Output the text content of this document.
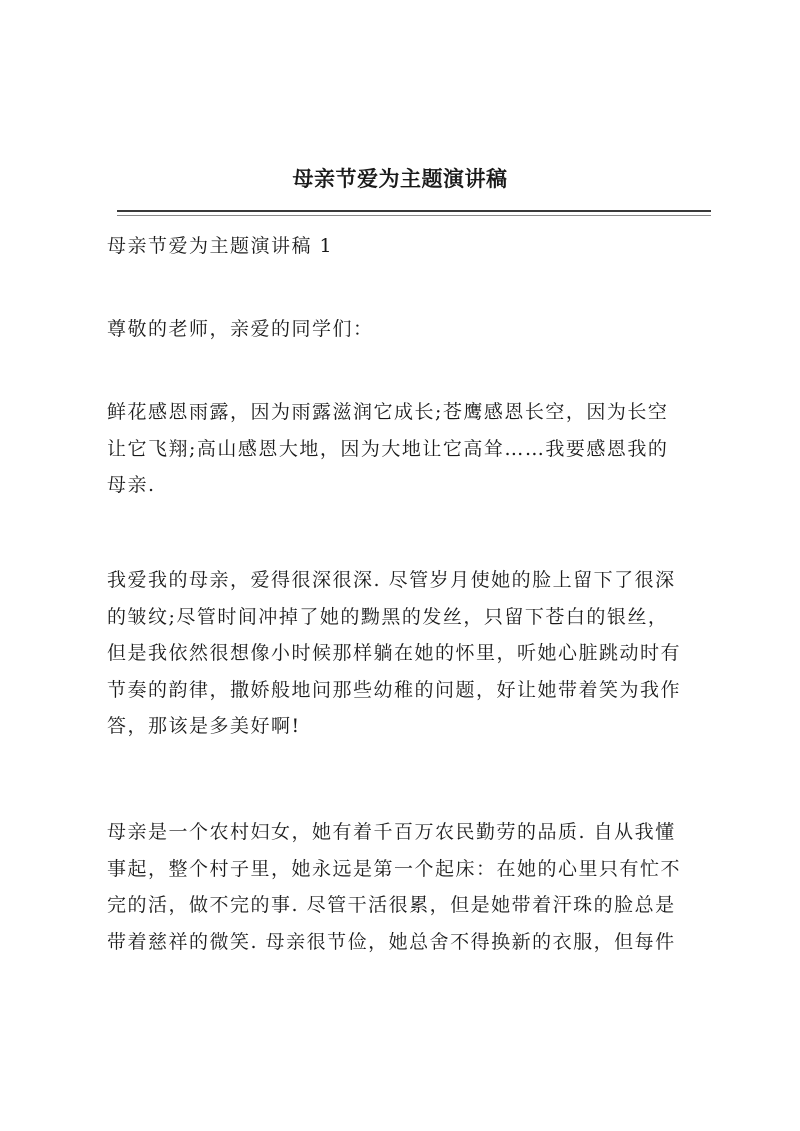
母亲节爱为主题演讲稿

母亲节爱为主题演讲稿 1

尊敬的老师，亲爱的同学们：

鲜花感恩雨露，因为雨露滋润它成长;苍鹰感恩长空，因为长空
让它飞翔;高山感恩大地，因为大地让它高耸……我要感恩我的
母亲.

我爱我的母亲，爱得很深很深. 尽管岁月使她的脸上留下了很深
的皱纹;尽管时间冲掉了她的黝黑的发丝，只留下苍白的银丝，
但是我依然很想像小时候那样躺在她的怀里，听她心脏跳动时有
节奏的韵律，撒娇般地问那些幼稚的问题，好让她带着笑为我作
答，那该是多美好啊!

母亲是一个农村妇女，她有着千百万农民勤劳的品质. 自从我懂
事起，整个村子里，她永远是第一个起床：在她的心里只有忙不
完的活，做不完的事. 尽管干活很累，但是她带着汗珠的脸总是
带着慈祥的微笑. 母亲很节俭，她总舍不得换新的衣服，但每件
